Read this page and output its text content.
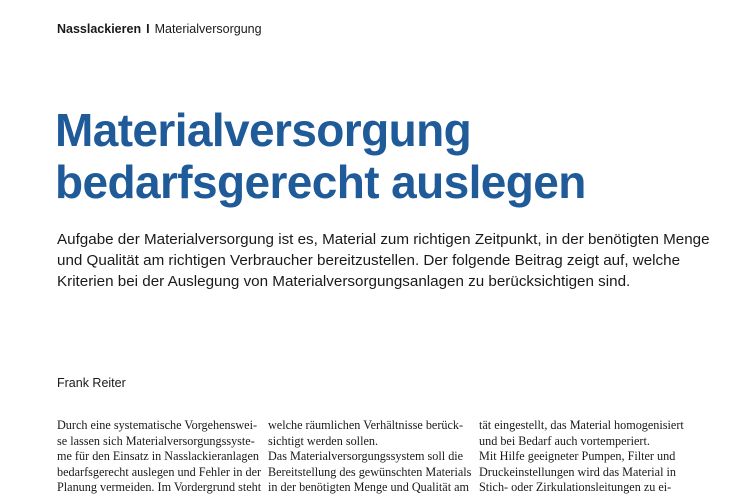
Nasslackieren I Materialversorgung
Materialversorgung
bedarfsgerecht auslegen

Aufgabe der Materialversorgung ist es, Material zum richtigen Zeitpunkt, in der benötigten Menge
und Qualität am richtigen Verbraucher bereitzustellen. Der folgende Beitrag zeigt auf, welche
Kriterien bei der Auslegung von Materialversorgungsanlagen zu berücksichtigen sind.

Frank Reiter
Durch eine systematische Vorgehenswei-
se lassen sich Materialversorgungssyste-
me für den Einsatz in Nasslackieranlagen
bedarfsgerecht auslegen und Fehler in der
Planung vermeiden. Im Vordergrund steht
welche räumlichen Verhältnisse berück-
sichtigt werden sollen.
Das Materialversorgungssystem soll die
Bereitstellung des gewünschten Materials
in der benötigten Menge und Qualität am
tät eingestellt, das Material homogenisiert
und bei Bedarf auch vortemperiert.
Mit Hilfe geeigneter Pumpen, Filter und
Druckeinstellungen wird das Material in
Stich- oder Zirkulationsleitungen zu ei-
